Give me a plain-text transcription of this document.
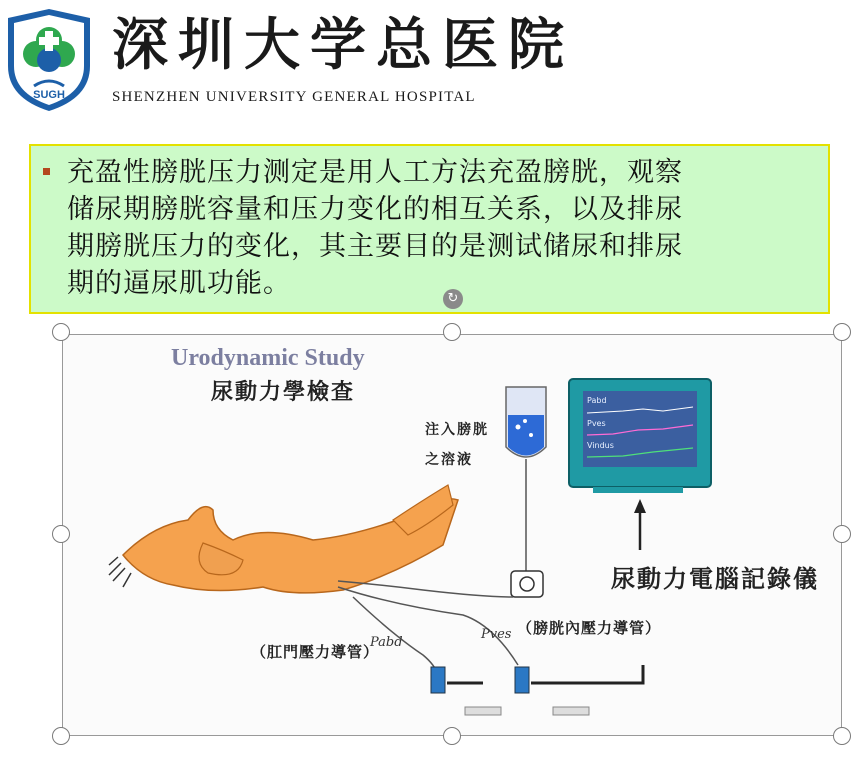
SUGH
深圳大学总医院
SHENZHEN UNIVERSITY GENERAL HOSPITAL
充盈性膀胱压力测定是用人工方法充盈膀胱，观察
储尿期膀胱容量和压力变化的相互关系，以及排尿
期膀胱压力的变化，其主要目的是测试储尿和排尿
期的逼尿肌功能。	↻
Urodynamic Study
尿動力學檢查
注入膀胱
之溶液
Pabd
Pves
Vindus
尿動力電腦記錄儀
（膀胱內壓力導管）
（肛門壓力導管）
Pves
Pabd
